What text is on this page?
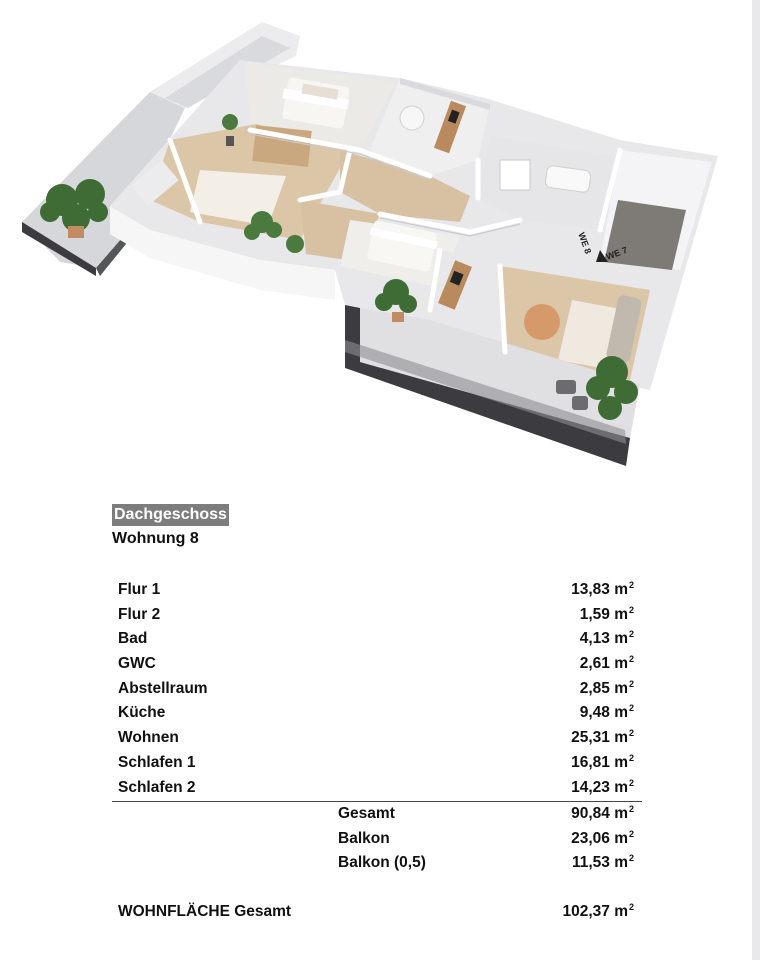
WE 8 WE 7
Dachgeschoss
Wohnung 8
Flur 1	13,83 $m^2$
Flur 2	1,59 $m^2$
Bad	4,13 $m^2$
GWC	2,61 $m^2$
Abstellraum	2,85 $m^2$
Küche	9,48 $m^2$
Wohnen	25,31 $m^2$
Schlafen 1	16,81 $m^2$
Schlafen 2	14,23 $m^2$
Gesamt	90,84 $m^2$
Balkon	23,06 $m^2$
Balkon (0,5)	11,53 $m^2$
WOHNFLÄCHE Gesamt	102,37 $m^2$
